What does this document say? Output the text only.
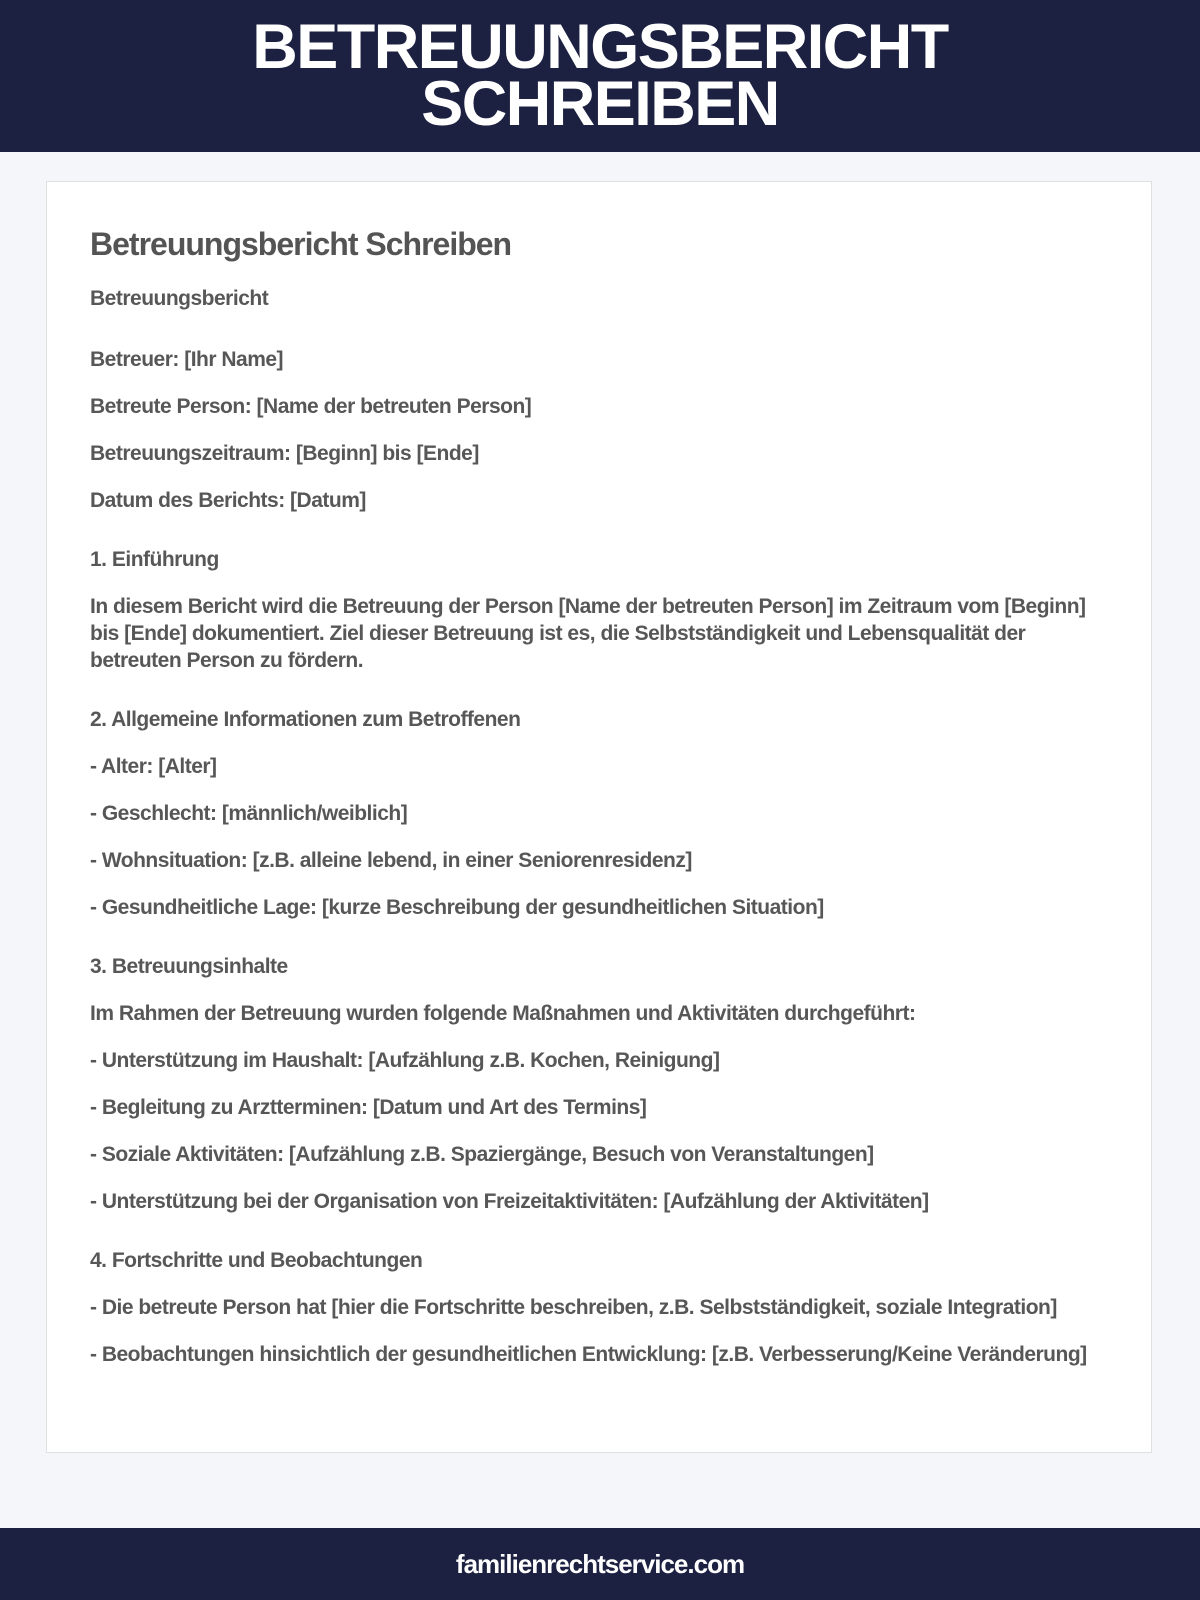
BETREUUNGSBERICHT
SCHREIBEN
Betreuungsbericht Schreiben

Betreuungsbericht

Betreuer: [Ihr Name]

Betreute Person: [Name der betreuten Person]

Betreuungszeitraum: [Beginn] bis [Ende]

Datum des Berichts: [Datum]

1. Einführung

In diesem Bericht wird die Betreuung der Person [Name der betreuten Person] im Zeitraum vom [Beginn] bis [Ende] dokumentiert. Ziel dieser Betreuung ist es, die Selbstständigkeit und Lebensqualität der betreuten Person zu fördern.

2. Allgemeine Informationen zum Betroffenen

- Alter: [Alter]

- Geschlecht: [männlich/weiblich]

- Wohnsituation: [z.B. alleine lebend, in einer Seniorenresidenz]

- Gesundheitliche Lage: [kurze Beschreibung der gesundheitlichen Situation]

3. Betreuungsinhalte

Im Rahmen der Betreuung wurden folgende Maßnahmen und Aktivitäten durchgeführt:

- Unterstützung im Haushalt: [Aufzählung z.B. Kochen, Reinigung]

- Begleitung zu Arztterminen: [Datum und Art des Termins]

- Soziale Aktivitäten: [Aufzählung z.B. Spaziergänge, Besuch von Veranstaltungen]

- Unterstützung bei der Organisation von Freizeitaktivitäten: [Aufzählung der Aktivitäten]

4. Fortschritte und Beobachtungen

- Die betreute Person hat [hier die Fortschritte beschreiben, z.B. Selbstständigkeit, soziale Integration]

- Beobachtungen hinsichtlich der gesundheitlichen Entwicklung: [z.B. Verbesserung/Keine Veränderung]

familienrechtservice.com
